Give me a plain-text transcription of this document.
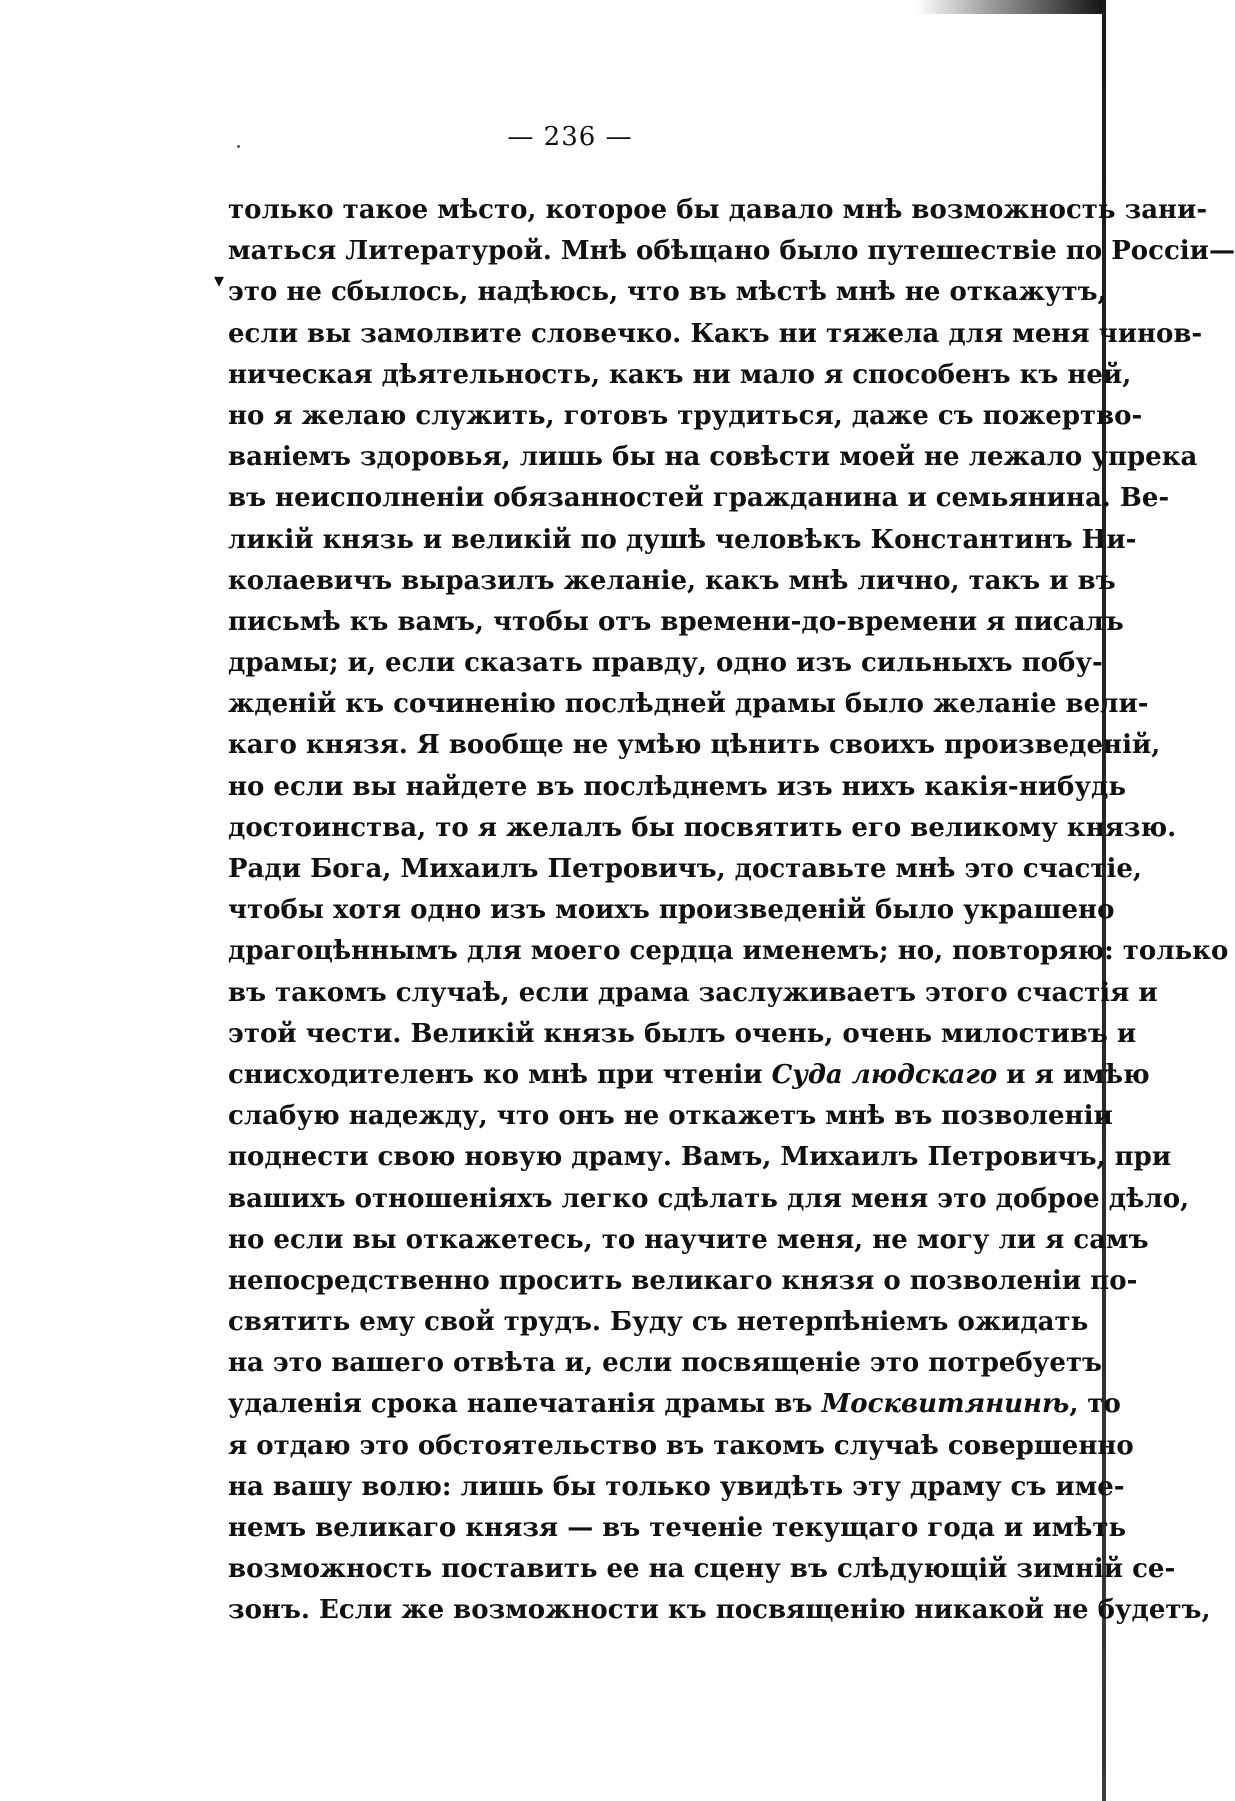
▾
— 236 —
только такое мѣсто, которое бы давало мнѣ возможность зани-
маться Литературой. Мнѣ обѣщано было путешествіе по Россіи—
это не сбылось, надѣюсь, что въ мѣстѣ мнѣ не откажутъ,
если вы замолвите словечко. Какъ ни тяжела для меня чинов-
ническая дѣятельность, какъ ни мало я способенъ къ ней,
но я желаю служить, готовъ трудиться, даже съ пожертво-
ваніемъ здоровья, лишь бы на совѣсти моей не лежало упрека
въ неисполненіи обязанностей гражданина и семьянина. Ве-
ликій князь и великій по душѣ человѣкъ Константинъ Ни-
колаевичъ выразилъ желаніе, какъ мнѣ лично, такъ и въ
письмѣ къ вамъ, чтобы отъ времени-до-времени я писалъ
драмы; и, если сказать правду, одно изъ сильныхъ побу-
жденій къ сочиненію послѣдней драмы было желаніе вели-
каго князя. Я вообще не умѣю цѣнить своихъ произведеній,
но если вы найдете въ послѣднемъ изъ нихъ какія-нибудь
достоинства, то я желалъ бы посвятить его великому князю.
Ради Бога, Михаилъ Петровичъ, доставьте мнѣ это счастіе,
чтобы хотя одно изъ моихъ произведеній было украшено
драгоцѣннымъ для моего сердца именемъ; но, повторяю: только
въ такомъ случаѣ, если драма заслуживаетъ этого счастія и
этой чести. Великій князь былъ очень, очень милостивъ и
снисходителенъ ко мнѣ при чтеніи Суда людскаго и я имѣю
слабую надежду, что онъ не откажетъ мнѣ въ позволеніи
поднести свою новую драму. Вамъ, Михаилъ Петровичъ, при
вашихъ отношеніяхъ легко сдѣлать для меня это доброе дѣло,
но если вы откажетесь, то научите меня, не могу ли я самъ
непосредственно просить великаго князя о позволеніи по-
святить ему свой трудъ. Буду съ нетерпѣніемъ ожидать
на это вашего отвѣта и, если посвященіе это потребуетъ
удаленія срока напечатанія драмы въ Москвитянинѣ, то
я отдаю это обстоятельство въ такомъ случаѣ совершенно
на вашу волю: лишь бы только увидѣть эту драму съ име-
немъ великаго князя — въ теченіе текущаго года и имѣть
возможность поставить ее на сцену въ слѣдующій зимній се-
зонъ. Если же возможности къ посвященію никакой не будетъ,
